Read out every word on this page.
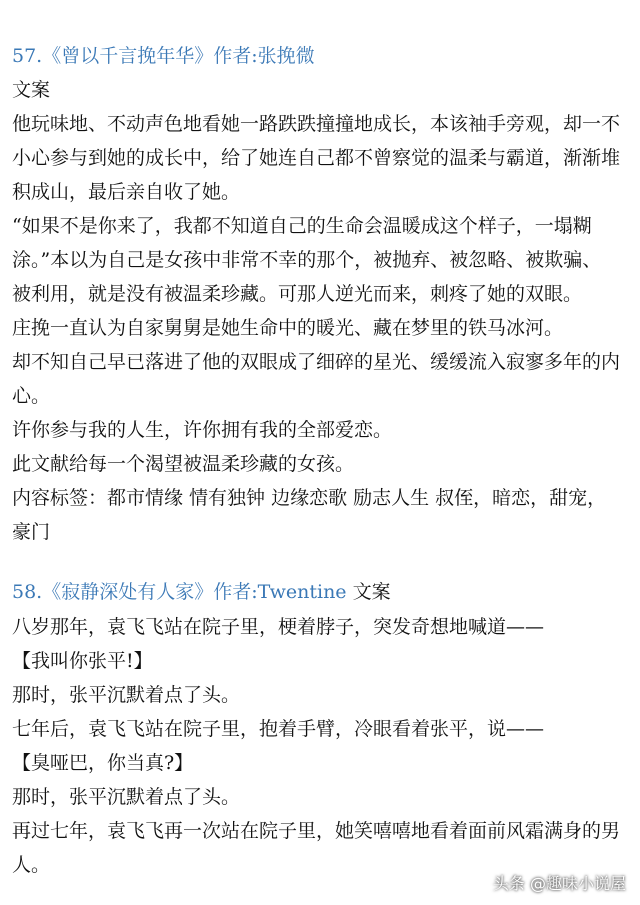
57.《曾以千言挽年华》作者:张挽微
文案
他玩味地、不动声色地看她一路跌跌撞撞地成长，本该袖手旁观，却一不
小心参与到她的成长中，给了她连自己都不曾察觉的温柔与霸道，渐渐堆
积成山，最后亲自收了她。
“如果不是你来了，我都不知道自己的生命会温暖成这个样子，一塌糊
涂。”本以为自己是女孩中非常不幸的那个，被抛弃、被忽略、被欺骗、
被利用，就是没有被温柔珍藏。可那人逆光而来，刺疼了她的双眼。
庄挽一直认为自家舅舅是她生命中的暖光、藏在梦里的铁马冰河。
却不知自己早已落进了他的双眼成了细碎的星光、缓缓流入寂寥多年的内
心。
许你参与我的人生，许你拥有我的全部爱恋。
此文献给每一个渴望被温柔珍藏的女孩。
内容标签：都市情缘 情有独钟 边缘恋歌 励志人生 叔侄，暗恋，甜宠，
豪门
58.《寂静深处有人家》作者:Twentine 文案
八岁那年，袁飞飞站在院子里，梗着脖子，突发奇想地喊道——
【我叫你张平!】
那时，张平沉默着点了头。
七年后，袁飞飞站在院子里，抱着手臂，冷眼看着张平，说——
【臭哑巴，你当真?】
那时，张平沉默着点了头。
再过七年，袁飞飞再一次站在院子里，她笑嘻嘻地看着面前风霜满身的男
人。
头条 @趣味小说屋
